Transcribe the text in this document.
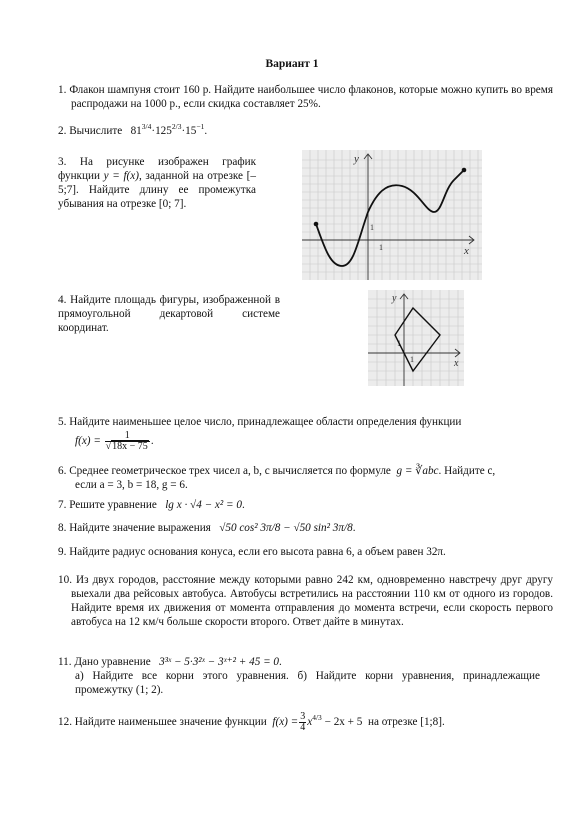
Вариант 1
1. Флакон шампуня стоит 160 р. Найдите наибольшее число флаконов, которые можно купить во время распродажи на 1000 р., если скидка составляет 25%.
2. Вычислите $81^{3/4}\cdot 125^{2/3}\cdot 15^{-1}$.
3. На рисунке изображен график функции y = f(x), заданной на отрезке [–5;7]. Найдите длину ее промежутка убывания на отрезке [0; 7].
x
y
1
1
4. Найдите площадь фигуры, изображенной в прямоугольной декартовой системе координат.
x
y
1
1
5. Найдите наименьшее целое число, принадлежащее области определения функции
$f(x) = \frac{1}{√18x - 75}$ .
6. Среднее геометрическое трех чисел a, b, c вычисляется по формуле g = ∛abc. Найдите c,
если a = 3, b = 18, g = 6.
7. Решите уравнение lg x · √4 − x² = 0.
8. Найдите значение выражения √50 cos² 3π/8 − √50 sin² 3π/8.
9. Найдите радиус основания конуса, если его высота равна 6, а объем равен 32π.
10. Из двух городов, расстояние между которыми равно 242 км, одновременно навстречу друг другу выехали два рейсовых автобуса. Автобусы встретились на расстоянии 110 км от одного из городов. Найдите время их движения от момента отправления до момента встречи, если скорость первого автобуса на 12 км/ч больше скорости второго. Ответ дайте в минутах.
11. Дано уравнение 3³ˣ − 5·3²ˣ − 3ˣ⁺² + 45 = 0.
а) Найдите все корни этого уравнения. б) Найдите корни уравнения, принадлежащие промежутку (1; 2).
12. Найдите наименьшее значение функции $f(x) = \frac{3}{4} x^{4/3} - 2x + 5$ на отрезке [1;8].
